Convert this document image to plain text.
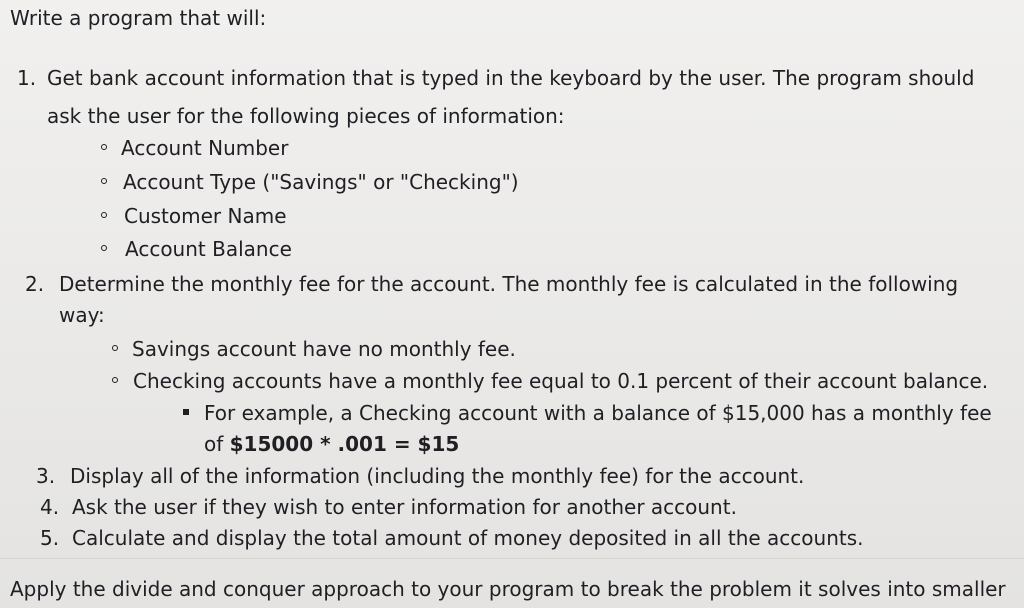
Write a program that will:
1. Get bank account information that is typed in the keyboard by the user. The program should
ask the user for the following pieces of information:
Account Number
Account Type ("Savings" or "Checking")
Customer Name
Account Balance
2. Determine the monthly fee for the account. The monthly fee is calculated in the following
way:
Savings account have no monthly fee.
Checking accounts have a monthly fee equal to 0.1 percent of their account balance.
For example, a Checking account with a balance of $15,000 has a monthly fee
of $15000 * .001 = $15
3. Display all of the information (including the monthly fee) for the account.
4. Ask the user if they wish to enter information for another account.
5. Calculate and display the total amount of money deposited in all the accounts.
Apply the divide and conquer approach to your program to break the problem it solves into smaller
